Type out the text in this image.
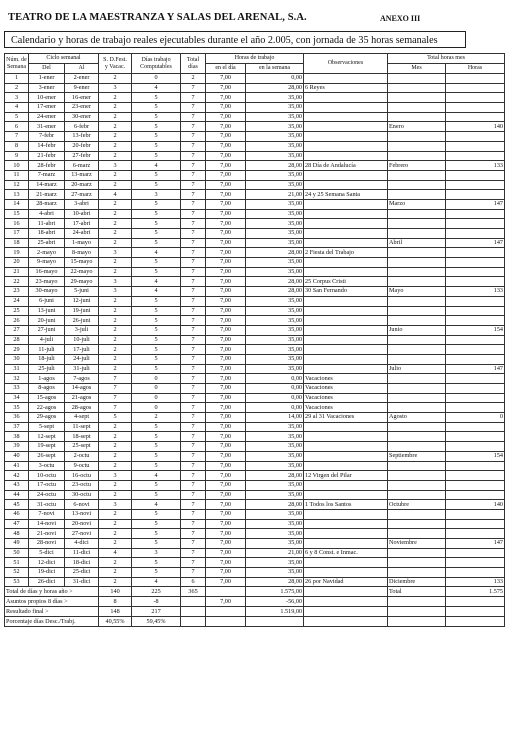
TEATRO DE LA MAESTRANZA Y SALAS DEL ARENAL, S.A.	ANEXO III
Calendario y horas de trabajo reales ejecutables durante el año 2.005, con jornada de 35 horas semanales
Núm. de
Semana	Ciclo semanal		S. D.Fest.
y Vacac.	Días trabajo
Computables	Total
días	Horas de trabajo		Observaciones	Total horas mes	
	Del	Al				en el día	en la semana		Mes	Horas
1	1-ener	2-ener	2	0	2	7,00	0,00			
2	3-ener	9-ener	3	4	7	7,00	28,00	6 Reyes		
3	10-ener	16-ener	2	5	7	7,00	35,00			
4	17-ener	23-ener	2	5	7	7,00	35,00			
5	24-ener	30-ener	2	5	7	7,00	35,00			
6	31-ener	6-febr	2	5	7	7,00	35,00		Enero	140
7	7-febr	13-febr	2	5	7	7,00	35,00			
8	14-febr	20-febr	2	5	7	7,00	35,00			
9	21-febr	27-febr	2	5	7	7,00	35,00			
10	28-febr	6-marz	3	4	7	7,00	28,00	28 Día de Andalucía	Febrero	133
11	7-marz	13-marz	2	5	7	7,00	35,00			
12	14-marz	20-marz	2	5	7	7,00	35,00			
13	21-marz	27-marz	4	3	7	7,00	21,00	24 y 25 Semana Santa		
14	28-marz	3-abri	2	5	7	7,00	35,00		Marzo	147
15	4-abri	10-abri	2	5	7	7,00	35,00			
16	11-abri	17-abri	2	5	7	7,00	35,00			
17	18-abri	24-abri	2	5	7	7,00	35,00			
18	25-abri	1-mayo	2	5	7	7,00	35,00		Abril	147
19	2-mayo	8-mayo	3	4	7	7,00	28,00	2 Fiesta del Trabajo		
20	9-mayo	15-mayo	2	5	7	7,00	35,00			
21	16-mayo	22-mayo	2	5	7	7,00	35,00			
22	23-mayo	29-mayo	3	4	7	7,00	28,00	25 Corpus Cristi		
23	30-mayo	5-juni	3	4	7	7,00	28,00	30 San Fernando	Mayo	133
24	6-juni	12-juni	2	5	7	7,00	35,00			
25	13-juni	19-juni	2	5	7	7,00	35,00			
26	20-juni	26-juni	2	5	7	7,00	35,00			
27	27-juni	3-juli	2	5	7	7,00	35,00		Junio	154
28	4-juli	10-juli	2	5	7	7,00	35,00			
29	11-juli	17-juli	2	5	7	7,00	35,00			
30	18-juli	24-juli	2	5	7	7,00	35,00			
31	25-juli	31-juli	2	5	7	7,00	35,00		Julio	147
32	1-agos	7-agos	7	0	7	7,00	0,00	Vacaciones		
33	8-agos	14-agos	7	0	7	7,00	0,00	Vacaciones		
34	15-agos	21-agos	7	0	7	7,00	0,00	Vacaciones		
35	22-agos	28-agos	7	0	7	7,00	0,00	Vacaciones		
36	29-agos	4-sept	5	2	7	7,00	14,00	29 al 31 Vacaciones	Agosto	0
37	5-sept	11-sept	2	5	7	7,00	35,00			
38	12-sept	18-sept	2	5	7	7,00	35,00			
39	19-sept	25-sept	2	5	7	7,00	35,00			
40	26-sept	2-octu	2	5	7	7,00	35,00		Septiembre	154
41	3-octu	9-octu	2	5	7	7,00	35,00			
42	10-octu	16-octu	3	4	7	7,00	28,00	12 Virgen del Pilar		
43	17-octu	23-octu	2	5	7	7,00	35,00			
44	24-octu	30-octu	2	5	7	7,00	35,00			
45	31-octu	6-novi	3	4	7	7,00	28,00	1 Todos los Santos	Octubre	140
46	7-novi	13-novi	2	5	7	7,00	35,00			
47	14-novi	20-novi	2	5	7	7,00	35,00			
48	21-novi	27-novi	2	5	7	7,00	35,00			
49	28-novi	4-dici	2	5	7	7,00	35,00		Noviembre	147
50	5-dici	11-dici	4	3	7	7,00	21,00	6 y 8 Const. e Inmac.		
51	12-dici	18-dici	2	5	7	7,00	35,00			
52	19-dici	25-dici	2	5	7	7,00	35,00			
53	26-dici	31-dici	2	4	6	7,00	28,00	26 por Navidad	Diciembre	133
Total de días y horas año >			140	225	365		1.575,00		Total	1.575
Asuntos propios 8 días >			8	-8		7,00	-56,00			
Resultado final >			148	217			1.519,00			
Porcentaje días Desc./Trabj.			40,55%	59,45%						
